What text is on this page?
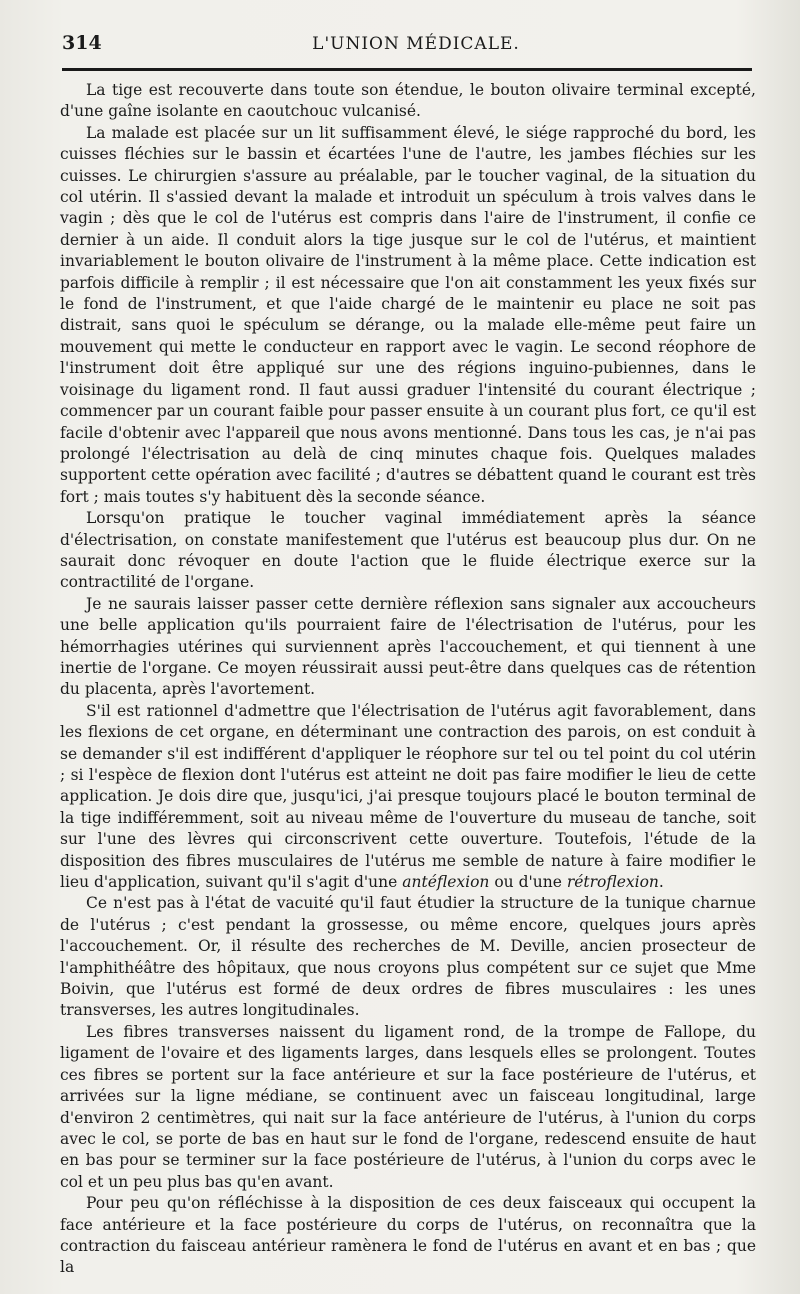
314	L'UNION MÉDICALE.

La tige est recouverte dans toute son étendue, le bouton olivaire terminal excepté, d'une gaîne isolante en caoutchouc vulcanisé.

La malade est placée sur un lit suffisamment élevé, le siége rapproché du bord, les cuisses fléchies sur le bassin et écartées l'une de l'autre, les jambes fléchies sur les cuisses. Le chirurgien s'assure au préalable, par le toucher vaginal, de la situation du col utérin. Il s'assied devant la malade et introduit un spéculum à trois valves dans le vagin ; dès que le col de l'utérus est compris dans l'aire de l'instrument, il confie ce dernier à un aide. Il conduit alors la tige jusque sur le col de l'utérus, et maintient invariablement le bouton olivaire de l'instrument à la même place. Cette indication est parfois difficile à remplir ; il est nécessaire que l'on ait constamment les yeux fixés sur le fond de l'instrument, et que l'aide chargé de le maintenir eu place ne soit pas distrait, sans quoi le spéculum se dérange, ou la malade elle-même peut faire un mouvement qui mette le conducteur en rapport avec le vagin. Le second réophore de l'instrument doit être appliqué sur une des régions inguino-pubiennes, dans le voisinage du ligament rond. Il faut aussi graduer l'intensité du courant électrique ; commencer par un courant faible pour passer ensuite à un courant plus fort, ce qu'il est facile d'obtenir avec l'appareil que nous avons mentionné. Dans tous les cas, je n'ai pas prolongé l'électrisation au delà de cinq minutes chaque fois. Quelques malades supportent cette opération avec facilité ; d'autres se débattent quand le courant est très fort ; mais toutes s'y habituent dès la seconde séance.

Lorsqu'on pratique le toucher vaginal immédiatement après la séance d'électrisation, on constate manifestement que l'utérus est beaucoup plus dur. On ne saurait donc révoquer en doute l'action que le fluide électrique exerce sur la contractilité de l'organe.

Je ne saurais laisser passer cette dernière réflexion sans signaler aux accoucheurs une belle application qu'ils pourraient faire de l'électrisation de l'utérus, pour les hémorrhagies utérines qui surviennent après l'accouchement, et qui tiennent à une inertie de l'organe. Ce moyen réussirait aussi peut-être dans quelques cas de rétention du placenta, après l'avortement.

S'il est rationnel d'admettre que l'électrisation de l'utérus agit favorablement, dans les flexions de cet organe, en déterminant une contraction des parois, on est conduit à se demander s'il est indifférent d'appliquer le réophore sur tel ou tel point du col utérin ; si l'espèce de flexion dont l'utérus est atteint ne doit pas faire modifier le lieu de cette application. Je dois dire que, jusqu'ici, j'ai presque toujours placé le bouton terminal de la tige indifféremment, soit au niveau même de l'ouverture du museau de tanche, soit sur l'une des lèvres qui circonscrivent cette ouverture. Toutefois, l'étude de la disposition des fibres musculaires de l'utérus me semble de nature à faire modifier le lieu d'application, suivant qu'il s'agit d'une antéflexion ou d'une rétroflexion.

Ce n'est pas à l'état de vacuité qu'il faut étudier la structure de la tunique charnue de l'utérus ; c'est pendant la grossesse, ou même encore, quelques jours après l'accouchement. Or, il résulte des recherches de M. Deville, ancien prosecteur de l'amphithéâtre des hôpitaux, que nous croyons plus compétent sur ce sujet que Mme Boivin, que l'utérus est formé de deux ordres de fibres musculaires : les unes transverses, les autres longitudinales.

Les fibres transverses naissent du ligament rond, de la trompe de Fallope, du ligament de l'ovaire et des ligaments larges, dans lesquels elles se prolongent. Toutes ces fibres se portent sur la face antérieure et sur la face postérieure de l'utérus, et arrivées sur la ligne médiane, se continuent avec un faisceau longitudinal, large d'environ 2 centimètres, qui nait sur la face antérieure de l'utérus, à l'union du corps avec le col, se porte de bas en haut sur le fond de l'organe, redescend ensuite de haut en bas pour se terminer sur la face postérieure de l'utérus, à l'union du corps avec le col et un peu plus bas qu'en avant.

Pour peu qu'on réfléchisse à la disposition de ces deux faisceaux qui occupent la face antérieure et la face postérieure du corps de l'utérus, on reconnaîtra que la contraction du faisceau antérieur ramènera le fond de l'utérus en avant et en bas ; que la
